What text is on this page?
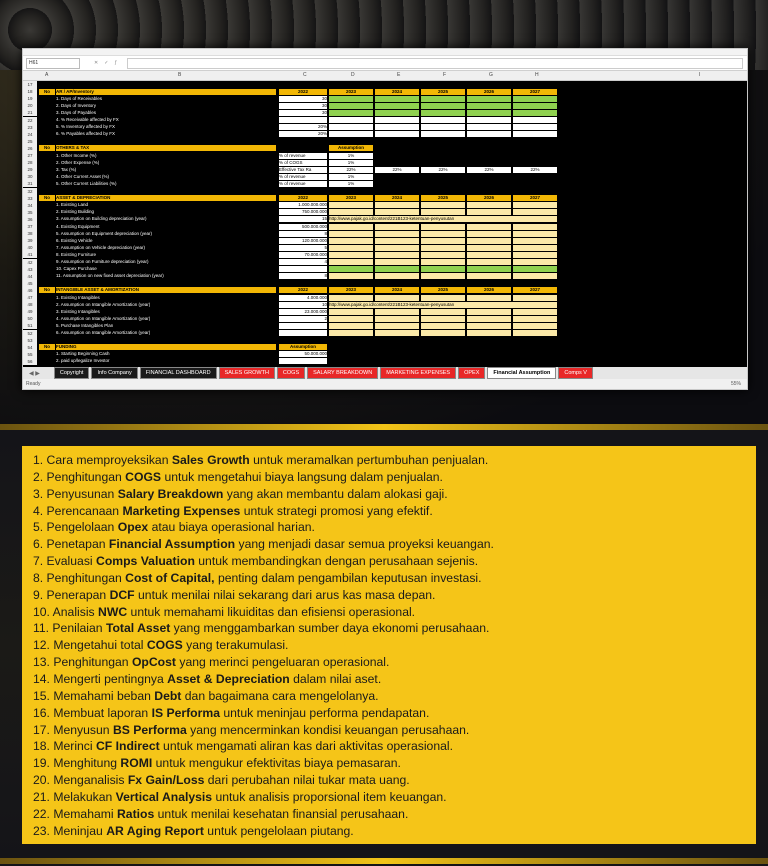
H61	✕✓ƒ
A	B	C	D	E	F	G	H	I
17
18
19
20
21
22
23
24
25
26
27
28
29
30
31
32
33
34
35
36
37
38
39
40
41
42
43
44
45
46
47
48
49
50
51
52
53
54
55
56
No	AR / AP/Inventory	2022	2023	2024	2025	2026	2027
1. Days of Receivables	30
2. Days of Inventory	30
3. Days of Payables	30
4. % Receivable affected by FX
5. % Inventory affected by FX	20%
6. % Payables affected by FX	20%
No	OTHERS & TAX	Assumption
1. Other Income (%)	% of revenue	1%
2. Other Expense (%)	% of COGS	1%
3. Tax (%)	Effective Tax Ra	22%	22%	22%	22%	22%
4. Other Current Asset (%)	% of revenue	1%
5. Other Current Liabilities (%)	% of revenue	1%
No	ASSET & DEPRECIATION	2022	2023	2024	2025	2026	2027
1. Existing Land	1.000.000.000
2. Existing Building	750.000.000
3. Assumption on Building depreciation (year)	15 http://www.pajak.go.id/content/221B123-ketentuan-penyusutan
4. Existing Equipment	500.000.000
5. Assumption on Equipment depreciation (year)	8
6. Existing Vehicle	120.000.000
7. Assumption on Vehicle depreciation (year)	5
8. Existing Furniture	70.000.000
9. Assumption on Furniture depreciation (year)	4
10. Capex Purchase
11. Assumption on new fixed asset depreciation (year)	8
No	INTANGIBLE ASSET & AMORTIZATION	2022	2023	2024	2025	2026	2027
1. Existing Intangibles	4.000.000
2. Assumption on Intangible Amortization (year)	10 http://www.pajak.go.id/content/221B123-ketentuan-penyusutan
3. Existing Intangibles	23.000.000
4. Assumption on Intangible Amortization (year)	2
5. Purchase Intangibles Plan
6. Assumption on Intangible Amortization (year)
No	FUNDING	Assumption
1. Starting Beginning Cash	50.000.000
2. paid up/legalize Investor
◀ ▶	Copyright	Info Company	FINANCIAL DASHBOARD	SALES GROWTH	COGS	SALARY BREAKDOWN	MARKETING EXPENSES	OPEX	Financial Assumption	Comps V
Ready	55%
1. Cara memproyeksikan Sales Growth untuk meramalkan pertumbuhan penjualan.
2. Penghitungan COGS untuk mengetahui biaya langsung dalam penjualan.
3. Penyusunan Salary Breakdown yang akan membantu dalam alokasi gaji.
4. Perencanaan Marketing Expenses untuk strategi promosi yang efektif.
5. Pengelolaan Opex atau biaya operasional harian.
6. Penetapan Financial Assumption yang menjadi dasar semua proyeksi keuangan.
7. Evaluasi Comps Valuation untuk membandingkan dengan perusahaan sejenis.
8. Penghitungan Cost of Capital, penting dalam pengambilan keputusan investasi.
9. Penerapan DCF untuk menilai nilai sekarang dari arus kas masa depan.
10. Analisis NWC untuk memahami likuiditas dan efisiensi operasional.
11. Penilaian Total Asset yang menggambarkan sumber daya ekonomi perusahaan.
12. Mengetahui total COGS yang terakumulasi.
13. Penghitungan OpCost yang merinci pengeluaran operasional.
14. Mengerti pentingnya Asset & Depreciation dalam nilai aset.
15. Memahami beban Debt dan bagaimana cara mengelolanya.
16. Membuat laporan IS Performa untuk meninjau performa pendapatan.
17. Menyusun BS Performa yang mencerminkan kondisi keuangan perusahaan.
18. Merinci CF Indirect untuk mengamati aliran kas dari aktivitas operasional.
19. Menghitung ROMI untuk mengukur efektivitas biaya pemasaran.
20. Menganalisis Fx Gain/Loss dari perubahan nilai tukar mata uang.
21. Melakukan Vertical Analysis untuk analisis proporsional item keuangan.
22. Memahami Ratios untuk menilai kesehatan finansial perusahaan.
23. Meninjau AR Aging Report untuk pengelolaan piutang.
